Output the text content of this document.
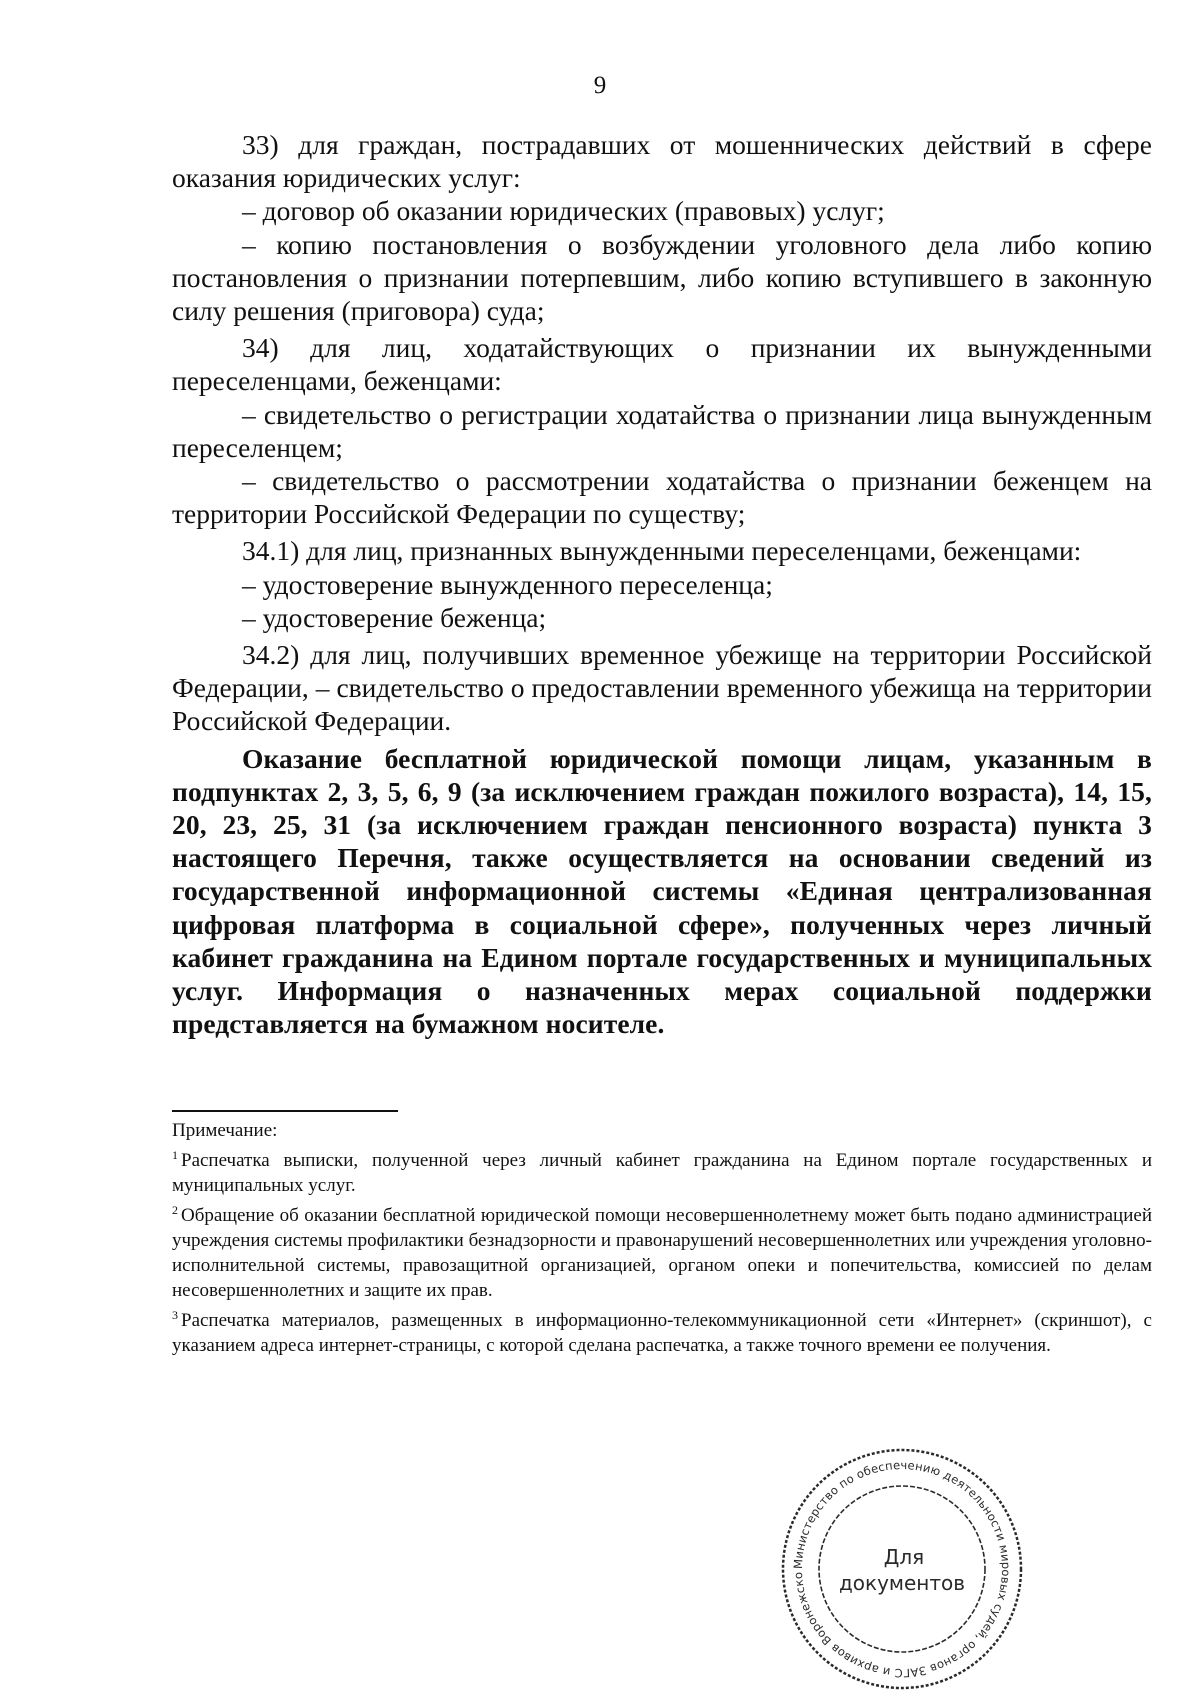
9

33) для граждан, пострадавших от мошеннических действий в сфере оказания юридических услуг:

– договор об оказании юридических (правовых) услуг;

– копию постановления о возбуждении уголовного дела либо копию постановления о признании потерпевшим, либо копию вступившего в законную силу решения (приговора) суда;

34) для лиц, ходатайствующих о признании их вынужденными переселенцами, беженцами:

– свидетельство о регистрации ходатайства о признании лица вынужденным переселенцем;

– свидетельство о рассмотрении ходатайства о признании беженцем на территории Российской Федерации по существу;

34.1) для лиц, признанных вынужденными переселенцами, беженцами:

– удостоверение вынужденного переселенца;

– удостоверение беженца;

34.2) для лиц, получивших временное убежище на территории Российской Федерации, – свидетельство о предоставлении временного убежища на территории Российской Федерации.

Оказание бесплатной юридической помощи лицам, указанным в подпунктах 2, 3, 5, 6, 9 (за исключением граждан пожилого возраста), 14, 15, 20, 23, 25, 31 (за исключением граждан пенсионного возраста) пункта 3 настоящего Перечня, также осуществляется на основании сведений из государственной информационной системы «Единая централизованная цифровая платформа в социальной сфере», полученных через личный кабинет гражданина на Едином портале государственных и муниципальных услуг. Информация о назначенных мерах социальной поддержки представляется на бумажном носителе.

Примечание:

$^1$ Распечатка выписки, полученной через личный кабинет гражданина на Едином портале государственных и муниципальных услуг.

$^2$ Обращение об оказании бесплатной юридической помощи несовершеннолетнему может быть подано администрацией учреждения системы профилактики безнадзорности и правонарушений несовершеннолетних или учреждения уголовно-исполнительной системы, правозащитной организацией, органом опеки и попечительства, комиссией по делам несовершеннолетних и защите их прав.

$^3$ Распечатка материалов, размещенных в информационно-телекоммуникационной сети «Интернет» (скриншот), с указанием адреса интернет-страницы, с которой сделана распечатка, а также точного времени ее получения.

Министерство по обеспечению деятельности мировых судей, органов ЗАГС и архивов Воронежско
Для
документов
